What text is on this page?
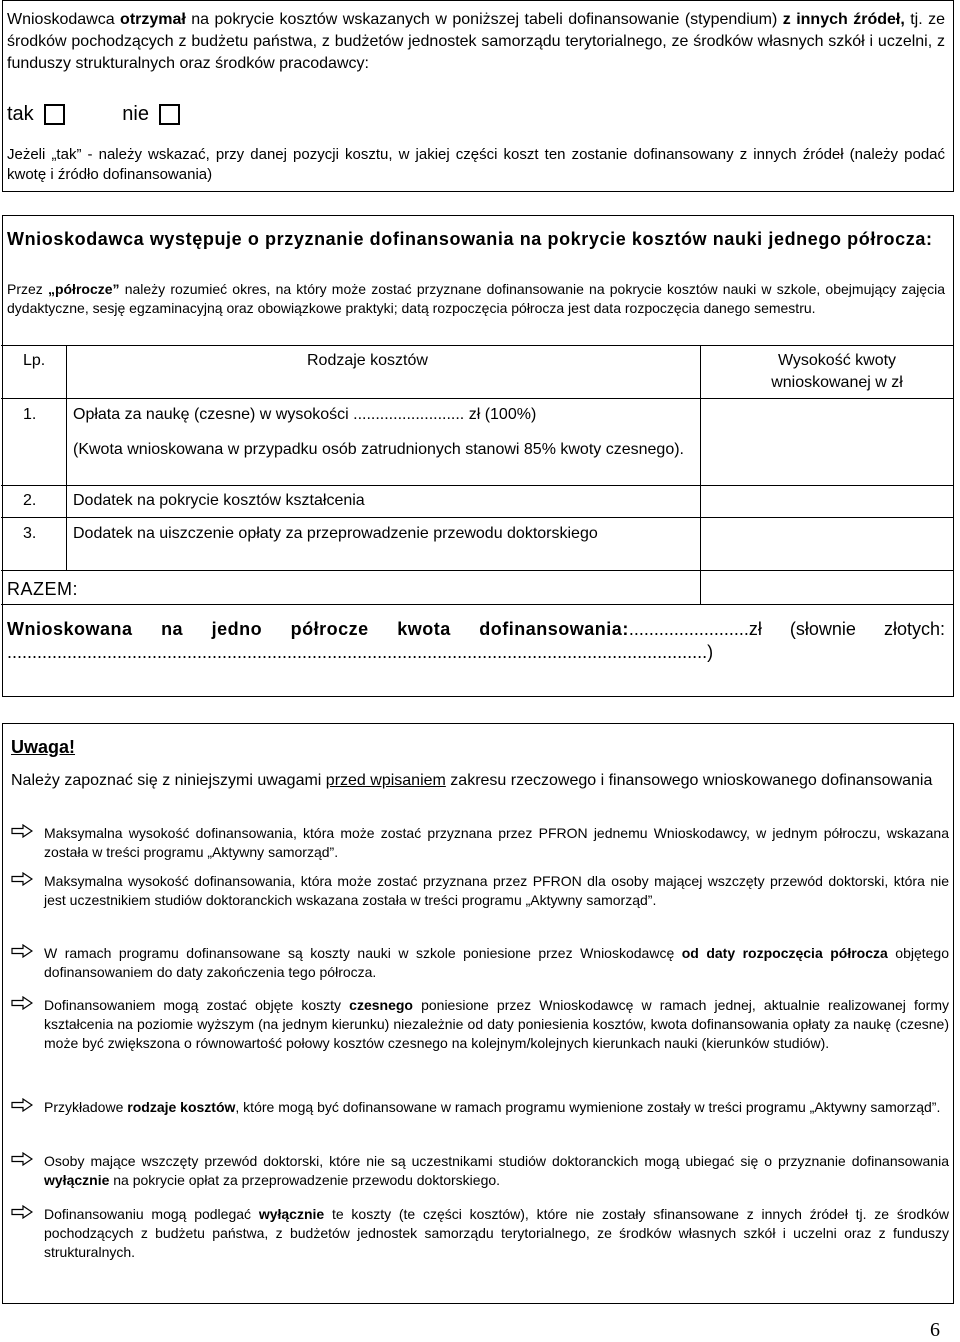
Wnioskodawca otrzymał na pokrycie kosztów wskazanych w poniższej tabeli dofinansowanie (stypendium) z innych źródeł, tj. ze środków pochodzących z budżetu państwa, z budżetów jednostek samorządu terytorialnego, ze środków własnych szkół i uczelni, z funduszy strukturalnych oraz środków pracodawcy:
tak
	nie
Jeżeli „tak” - należy wskazać, przy danej pozycji kosztu, w jakiej części koszt ten zostanie dofinansowany z innych źródeł (należy podać kwotę i źródło dofinansowania)
Wnioskodawca występuje o przyznanie dofinansowania na pokrycie kosztów nauki jednego półrocza:
Przez „półrocze” należy rozumieć okres, na który może zostać przyznane dofinansowanie na pokrycie kosztów nauki w szkole, obejmujący zajęcia dydaktyczne, sesję egzaminacyjną oraz obowiązkowe praktyki; datą rozpoczęcia półrocza jest data rozpoczęcia danego semestru.
Lp.	Rodzaje kosztów	Wysokość kwoty wnioskowanej w zł
1. Opłata za naukę (czesne) w wysokości ......................... zł (100%)
(Kwota wnioskowana w przypadku osób zatrudnionych stanowi 85% kwoty czesnego).
2. Dodatek na pokrycie kosztów kształcenia
3. Dodatek na uiszczenie opłaty za przeprowadzenie przewodu doktorskiego
RAZEM:
Wnioskowana na jedno półrocze kwota dofinansowania:........................zł (słownie złotych: ............................................................................................................................................)
Uwaga!
Należy zapoznać się z niniejszymi uwagami przed wpisaniem zakresu rzeczowego i finansowego wnioskowanego dofinansowania
Maksymalna wysokość dofinansowania, która może zostać przyznana przez PFRON jednemu Wnioskodawcy, w jednym półroczu, wskazana została w treści programu „Aktywny samorząd”.
Maksymalna wysokość dofinansowania, która może zostać przyznana przez PFRON dla osoby mającej wszczęty przewód doktorski, która nie jest uczestnikiem studiów doktoranckich wskazana została w treści programu „Aktywny samorząd”.
W ramach programu dofinansowane są koszty nauki w szkole poniesione przez Wnioskodawcę od daty rozpoczęcia półrocza objętego dofinansowaniem do daty zakończenia tego półrocza.
Dofinansowaniem mogą zostać objęte koszty czesnego poniesione przez Wnioskodawcę w ramach jednej, aktualnie realizowanej formy kształcenia na poziomie wyższym (na jednym kierunku) niezależnie od daty poniesienia kosztów, kwota dofinansowania opłaty za naukę (czesne) może być zwiększona o równowartość połowy kosztów czesnego na kolejnym/kolejnych kierunkach nauki (kierunków studiów).
Przykładowe rodzaje kosztów, które mogą być dofinansowane w ramach programu wymienione zostały w treści programu „Aktywny samorząd”.
Osoby mające wszczęty przewód doktorski, które nie są uczestnikami studiów doktoranckich mogą ubiegać się o przyznanie dofinansowania wyłącznie na pokrycie opłat za przeprowadzenie przewodu doktorskiego.
Dofinansowaniu mogą podlegać wyłącznie te koszty (te części kosztów), które nie zostały sfinansowane z innych źródeł tj. ze środków pochodzących z budżetu państwa, z budżetów jednostek samorządu terytorialnego, ze środków własnych szkół i uczelni oraz z funduszy strukturalnych.
6
